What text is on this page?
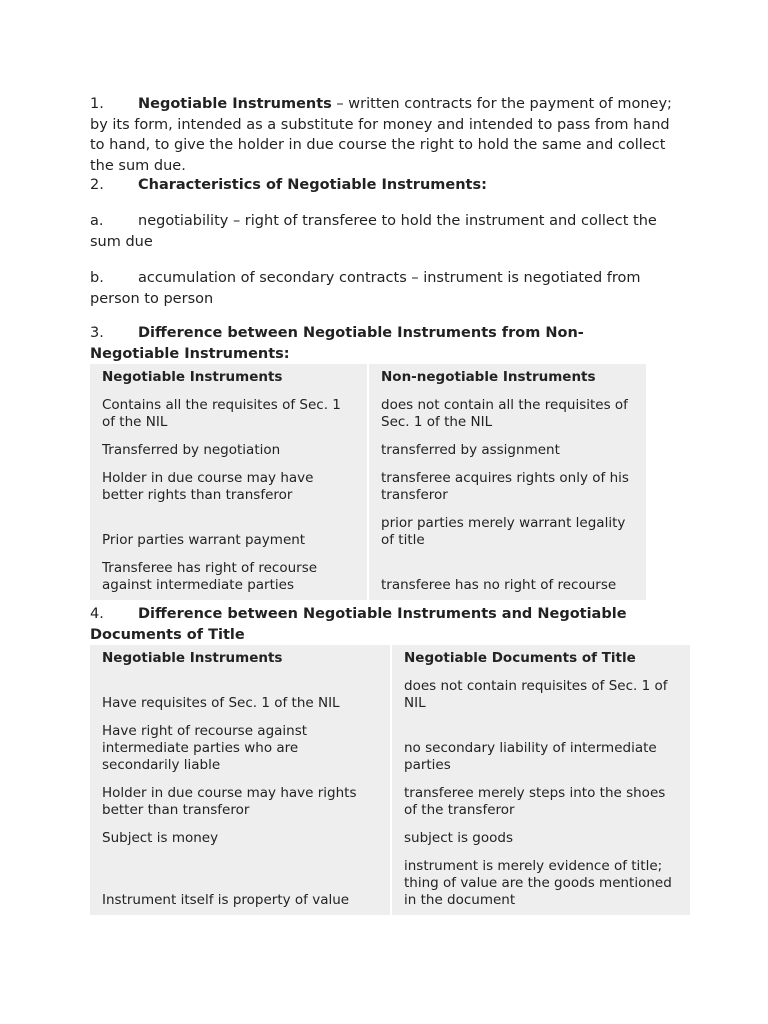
1. Negotiable Instruments – written contracts for the payment of money; by its form, intended as a substitute for money and intended to pass from hand to hand, to give the holder in due course the right to hold the same and collect the sum due.
2. Characteristics of Negotiable Instruments:
a. negotiability – right of transferee to hold the instrument and collect the sum due
b. accumulation of secondary contracts – instrument is negotiated from person to person
3. Difference between Negotiable Instruments from Non-Negotiable Instruments:
Negotiable Instruments	Non-negotiable Instruments
Contains all the requisites of Sec. 1 of the NIL	does not contain all the requisites of Sec. 1 of the NIL
Transferred by negotiation	transferred by assignment
Holder in due course may have better rights than transferor	transferee acquires rights only of his transferor
Prior parties warrant payment	prior parties merely warrant legality of title
Transferee has right of recourse against intermediate parties	transferee has no right of recourse
4. Difference between Negotiable Instruments and Negotiable Documents of Title
Negotiable Instruments	Negotiable Documents of Title
Have requisites of Sec. 1 of the NIL	does not contain requisites of Sec. 1 of NIL
Have right of recourse against intermediate parties who are secondarily liable	no secondary liability of intermediate parties
Holder in due course may have rights better than transferor	transferee merely steps into the shoes of the transferor
Subject is money	subject is goods
Instrument itself is property of value	instrument is merely evidence of title; thing of value are the goods mentioned in the document
